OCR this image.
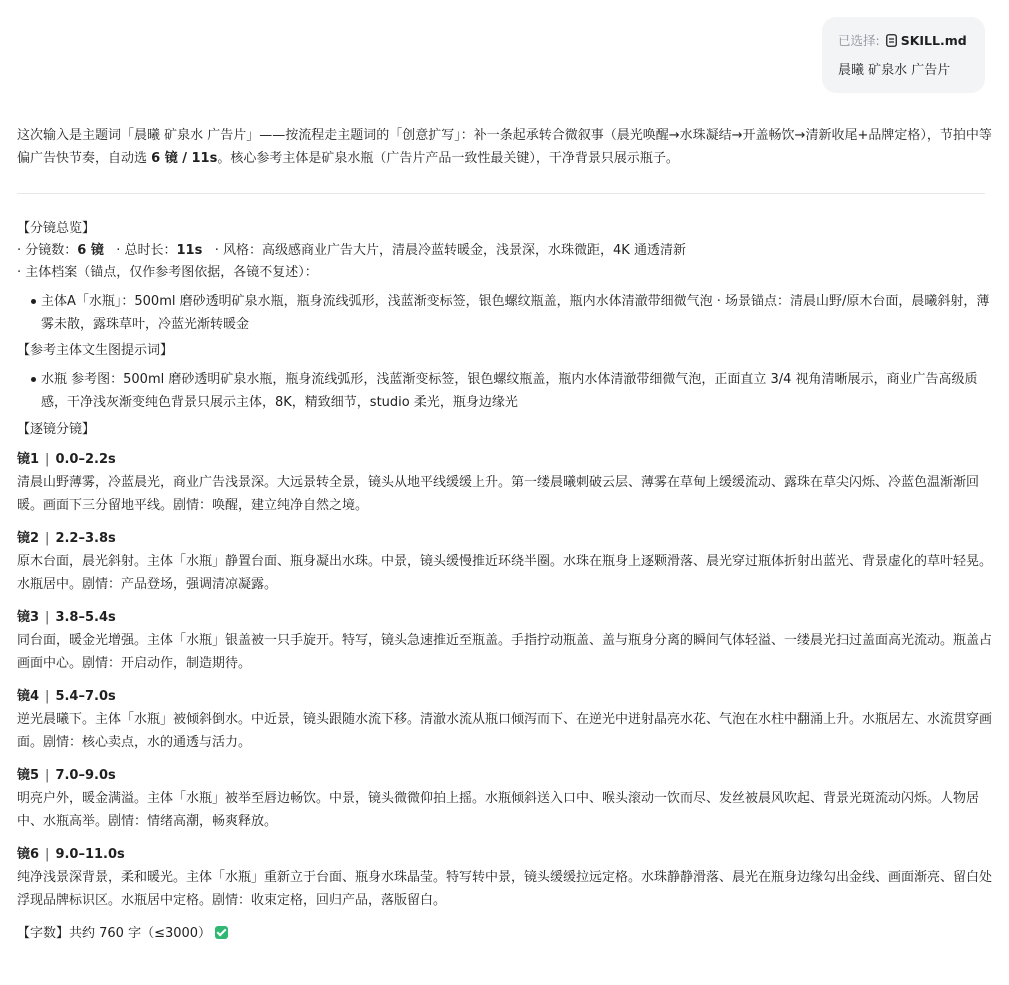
已选择: SKILL.md
晨曦 矿泉水 广告片
这次输入是主题词「晨曦 矿泉水 广告片」——按流程走主题词的「创意扩写」：补一条起承转合微叙事（晨光唤醒→水珠凝结→开盖畅饮→清新收尾+品牌定格），节拍中等偏广告快节奏，自动选 6 镜 / 11s。核心参考主体是矿泉水瓶（广告片产品一致性最关键），干净背景只展示瓶子。
【分镜总览】
· 分镜数：6 镜 · 总时长：11s · 风格：高级感商业广告大片，清晨冷蓝转暖金，浅景深，水珠微距，4K 通透清新
· 主体档案（锚点，仅作参考图依据，各镜不复述）：
主体A「水瓶」：500ml 磨砂透明矿泉水瓶，瓶身流线弧形，浅蓝渐变标签，银色螺纹瓶盖，瓶内水体清澈带细微气泡 · 场景锚点：清晨山野/原木台面，晨曦斜射，薄雾未散，露珠草叶，冷蓝光渐转暖金
【参考主体文生图提示词】
水瓶 参考图：500ml 磨砂透明矿泉水瓶，瓶身流线弧形，浅蓝渐变标签，银色螺纹瓶盖，瓶内水体清澈带细微气泡，正面直立 3/4 视角清晰展示，商业广告高级质感，干净浅灰渐变纯色背景只展示主体，8K，精致细节，studio 柔光，瓶身边缘光
【逐镜分镜】
镜1 | 0.0–2.2s
清晨山野薄雾，冷蓝晨光，商业广告浅景深。大远景转全景，镜头从地平线缓缓上升。第一缕晨曦刺破云层、薄雾在草甸上缓缓流动、露珠在草尖闪烁、冷蓝色温渐渐回暖。画面下三分留地平线。剧情：唤醒，建立纯净自然之境。
镜2 | 2.2–3.8s
原木台面，晨光斜射。主体「水瓶」静置台面、瓶身凝出水珠。中景，镜头缓慢推近环绕半圈。水珠在瓶身上逐颗滑落、晨光穿过瓶体折射出蓝光、背景虚化的草叶轻晃。水瓶居中。剧情：产品登场，强调清凉凝露。
镜3 | 3.8–5.4s
同台面，暖金光增强。主体「水瓶」银盖被一只手旋开。特写，镜头急速推近至瓶盖。手指拧动瓶盖、盖与瓶身分离的瞬间气体轻溢、一缕晨光扫过盖面高光流动。瓶盖占画面中心。剧情：开启动作，制造期待。
镜4 | 5.4–7.0s
逆光晨曦下。主体「水瓶」被倾斜倒水。中近景，镜头跟随水流下移。清澈水流从瓶口倾泻而下、在逆光中迸射晶亮水花、气泡在水柱中翻涌上升。水瓶居左、水流贯穿画面。剧情：核心卖点，水的通透与活力。
镜5 | 7.0–9.0s
明亮户外，暖金满溢。主体「水瓶」被举至唇边畅饮。中景，镜头微微仰拍上摇。水瓶倾斜送入口中、喉头滚动一饮而尽、发丝被晨风吹起、背景光斑流动闪烁。人物居中、水瓶高举。剧情：情绪高潮，畅爽释放。
镜6 | 9.0–11.0s
纯净浅景深背景，柔和暖光。主体「水瓶」重新立于台面、瓶身水珠晶莹。特写转中景，镜头缓缓拉远定格。水珠静静滑落、晨光在瓶身边缘勾出金线、画面渐亮、留白处浮现品牌标识区。水瓶居中定格。剧情：收束定格，回归产品，落版留白。
【字数】共约 760 字（≤3000）
